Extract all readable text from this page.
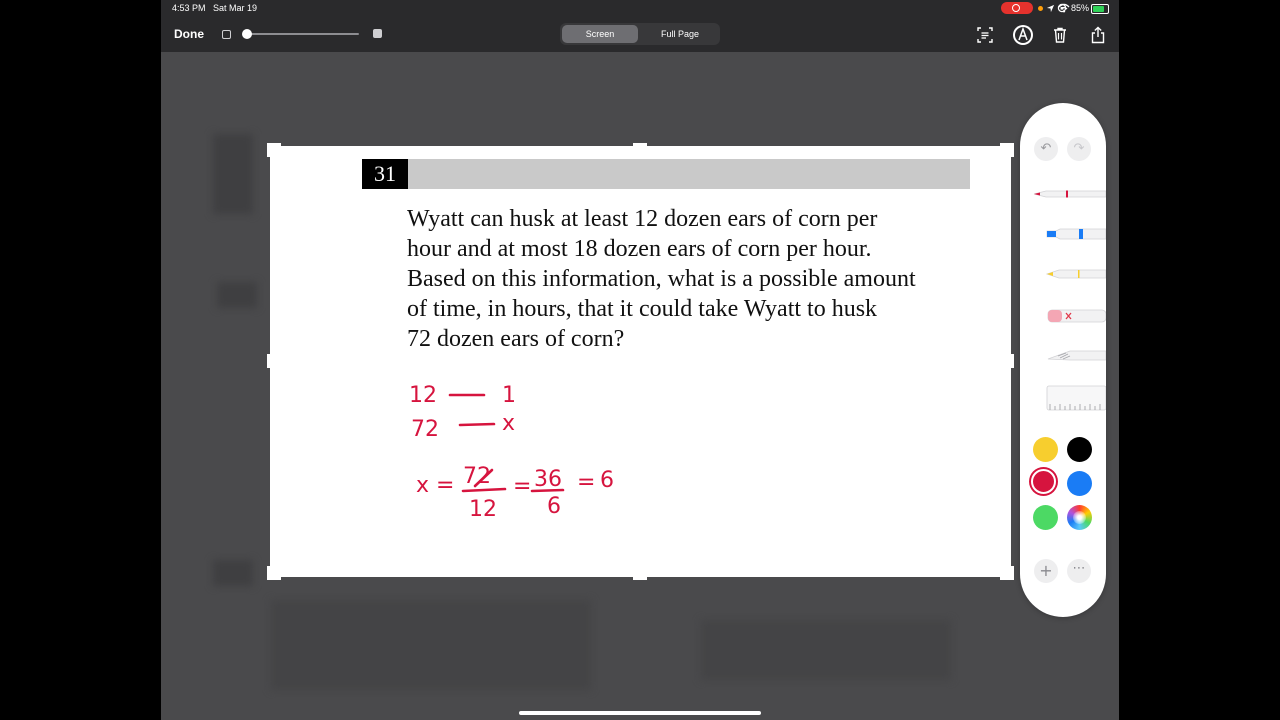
4:53 PM Sat Mar 19	85%
Done	Screen	Full Page
31
Wyatt can husk at least 12 dozen ears of corn per
hour and at most 18 dozen ears of corn per hour.
Based on this information, what is a possible amount
of time, in hours, that it could take Wyatt to husk
72 dozen ears of corn?
12	1
72	x
x = 72
12
= 36
6
= 6
↶	↷
+	⋯
